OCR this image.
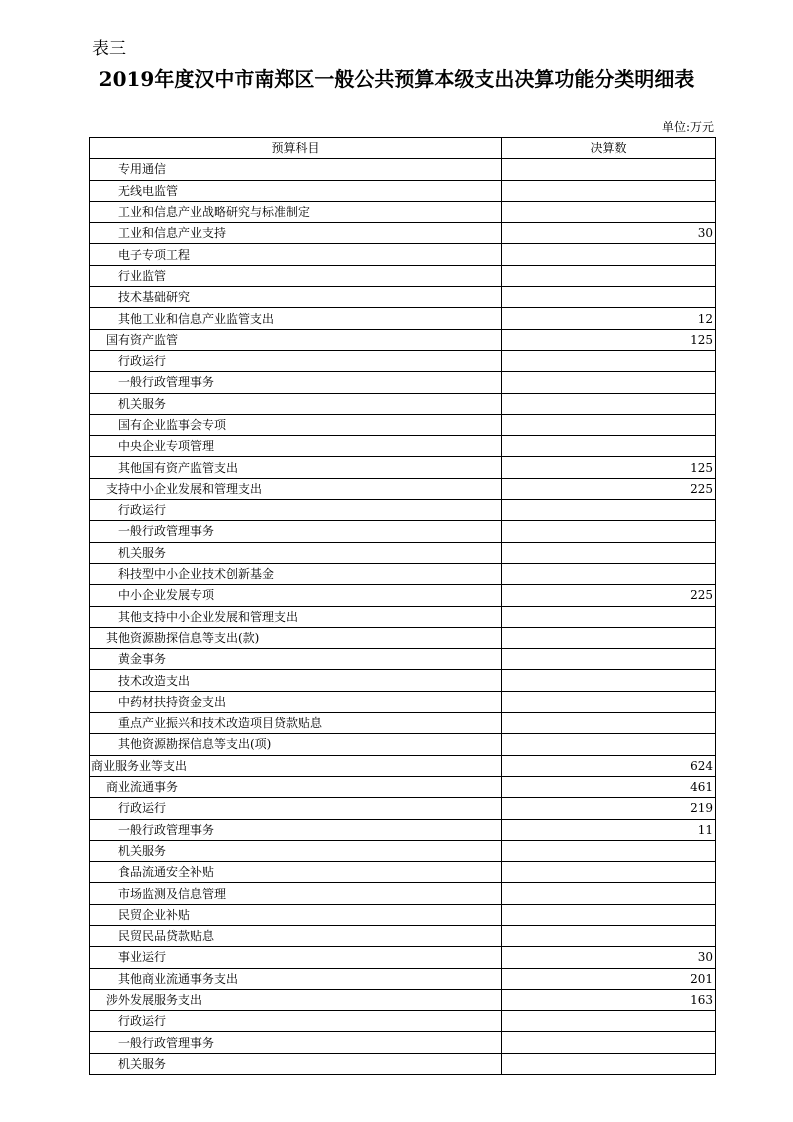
表三
2019年度汉中市南郑区一般公共预算本级支出决算功能分类明细表
单位:万元
预算科目	决算数
专用通信	
无线电监管	
工业和信息产业战略研究与标准制定	
工业和信息产业支持	30
电子专项工程	
行业监管	
技术基础研究	
其他工业和信息产业监管支出	12
国有资产监管	125
行政运行	
一般行政管理事务	
机关服务	
国有企业监事会专项	
中央企业专项管理	
其他国有资产监管支出	125
支持中小企业发展和管理支出	225
行政运行	
一般行政管理事务	
机关服务	
科技型中小企业技术创新基金	
中小企业发展专项	225
其他支持中小企业发展和管理支出	
其他资源勘探信息等支出(款)	
黄金事务	
技术改造支出	
中药材扶持资金支出	
重点产业振兴和技术改造项目贷款贴息	
其他资源勘探信息等支出(项)	
商业服务业等支出	624
商业流通事务	461
行政运行	219
一般行政管理事务	11
机关服务	
食品流通安全补贴	
市场监测及信息管理	
民贸企业补贴	
民贸民品贷款贴息	
事业运行	30
其他商业流通事务支出	201
涉外发展服务支出	163
行政运行	
一般行政管理事务	
机关服务	
